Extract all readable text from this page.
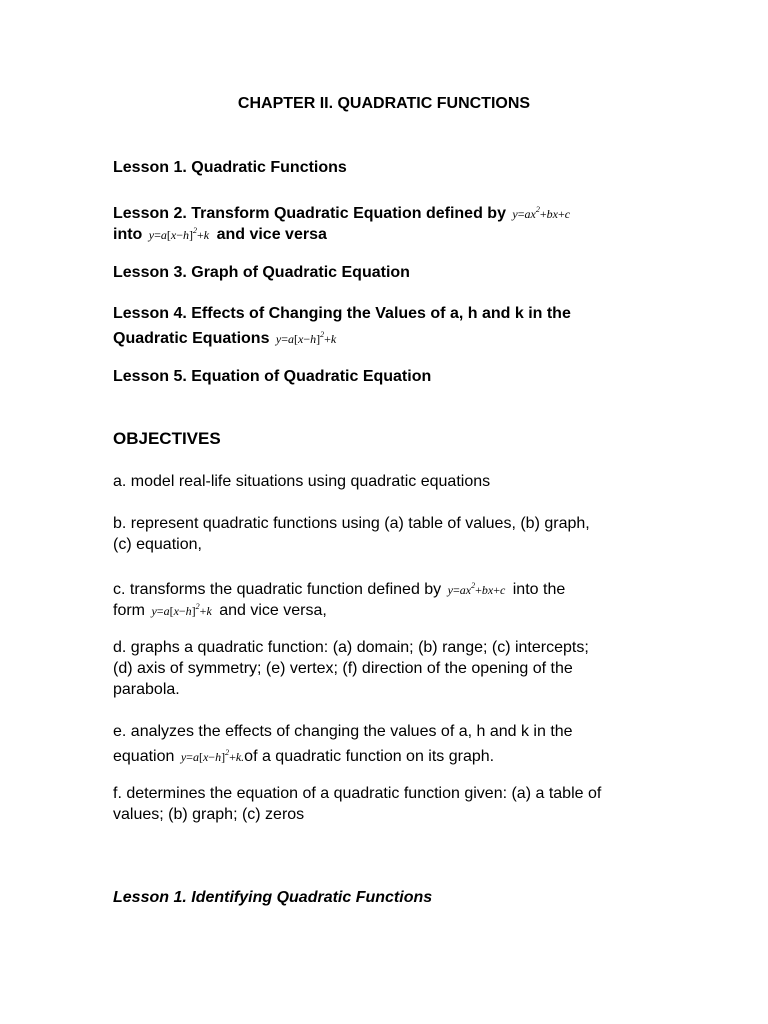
CHAPTER II. QUADRATIC FUNCTIONS
Lesson 1. Quadratic Functions
Lesson 2. Transform Quadratic Equation defined by $y=ax^2+bx+c$
into $y=a[x-h]^2+k$ and vice versa
Lesson 3. Graph of Quadratic Equation
Lesson 4. Effects of Changing the Values of a, h and k in the
Quadratic Equations $y=a[x-h]^2+k$
Lesson 5. Equation of Quadratic Equation
OBJECTIVES
a. model real-life situations using quadratic equations
b. represent quadratic functions using (a) table of values, (b) graph,
(c) equation,
c. transforms the quadratic function defined by $y=ax^2+bx+c$ into the
form $y=a[x-h]^2+k$ and vice versa,
d. graphs a quadratic function: (a) domain; (b) range; (c) intercepts;
(d) axis of symmetry; (e) vertex; (f) direction of the opening of the
parabola.
e. analyzes the effects of changing the values of a, h and k in the
equation $y=a[x-h]^2+k.of$ a quadratic function on its graph.
f. determines the equation of a quadratic function given: (a) a table of
values; (b) graph; (c) zeros
Lesson 1. Identifying Quadratic Functions
